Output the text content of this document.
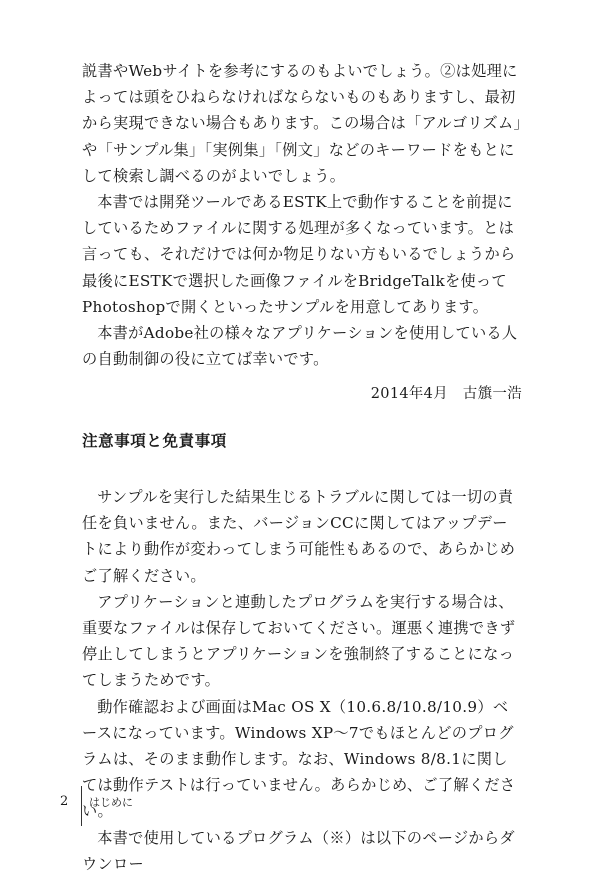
説書やWebサイトを参考にするのもよいでしょう。②は処理によっては頭をひねらなければならないものもありますし、最初から実現できない場合もあります。この場合は「アルゴリズム」や「サンプル集」「実例集」「例文」などのキーワードをもとにして検索し調べるのがよいでしょう。

本書では開発ツールであるESTK上で動作することを前提にしているためファイルに関する処理が多くなっています。とは言っても、それだけでは何か物足りない方もいるでしょうから最後にESTKで選択した画像ファイルをBridgeTalkを使ってPhotoshopで開くといったサンプルを用意してあります。

本書がAdobe社の様々なアプリケーションを使用している人の自動制御の役に立てば幸いです。

2014年4月　古籏一浩
注意事項と免責事項

サンプルを実行した結果生じるトラブルに関しては一切の責任を負いません。また、バージョンCCに関してはアップデートにより動作が変わってしまう可能性もあるので、あらかじめご了解ください。

アプリケーションと連動したプログラムを実行する場合は、重要なファイルは保存しておいてください。運悪く連携できず停止してしまうとアプリケーションを強制終了することになってしまうためです。

動作確認および画面はMac OS X（10.6.8/10.8/10.9）ベースになっています。Windows XP～7でもほとんどのプログラムは、そのまま動作します。なお、Windows 8/8.1に関しては動作テストは行っていません。あらかじめ、ご了解ください。

本書で使用しているプログラム（※）は以下のページからダウンロー

2 はじめに
